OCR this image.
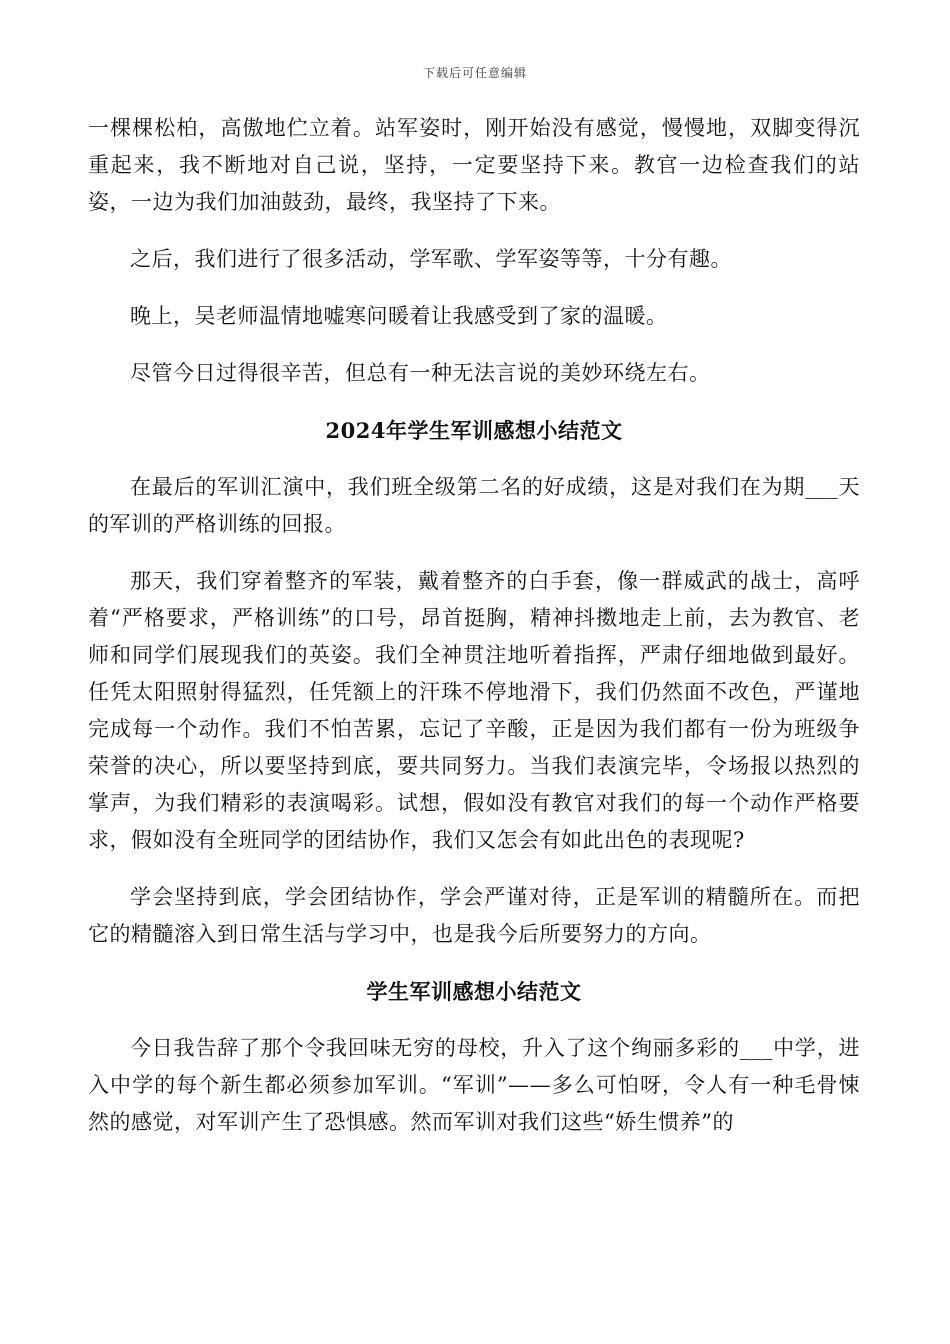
下载后可任意编辑

一棵棵松柏，高傲地伫立着。站军姿时，刚开始没有感觉，慢慢地，双脚变得沉重起来，我不断地对自己说，坚持，一定要坚持下来。教官一边检查我们的站姿，一边为我们加油鼓劲，最终，我坚持了下来。

之后，我们进行了很多活动，学军歌、学军姿等等，十分有趣。

晚上，吴老师温情地嘘寒问暖着让我感受到了家的温暖。

尽管今日过得很辛苦，但总有一种无法言说的美妙环绕左右。

2024年学生军训感想小结范文

在最后的军训汇演中，我们班全级第二名的好成绩，这是对我们在为期___天的军训的严格训练的回报。

那天，我们穿着整齐的军装，戴着整齐的白手套，像一群威武的战士，高呼着“严格要求，严格训练”的口号，昂首挺胸，精神抖擞地走上前，去为教官、老师和同学们展现我们的英姿。我们全神贯注地听着指挥，严肃仔细地做到最好。任凭太阳照射得猛烈，任凭额上的汗珠不停地滑下，我们仍然面不改色，严谨地完成每一个动作。我们不怕苦累，忘记了辛酸，正是因为我们都有一份为班级争荣誉的决心，所以要坚持到底，要共同努力。当我们表演完毕，令场报以热烈的掌声，为我们精彩的表演喝彩。试想，假如没有教官对我们的每一个动作严格要求，假如没有全班同学的团结协作，我们又怎会有如此出色的表现呢?

学会坚持到底，学会团结协作，学会严谨对待，正是军训的精髓所在。而把它的精髓溶入到日常生活与学习中，也是我今后所要努力的方向。

学生军训感想小结范文

今日我告辞了那个令我回味无穷的母校，升入了这个绚丽多彩的___中学，进入中学的每个新生都必须参加军训。“军训”——多么可怕呀，令人有一种毛骨悚然的感觉，对军训产生了恐惧感。然而军训对我们这些“娇生惯养”的
